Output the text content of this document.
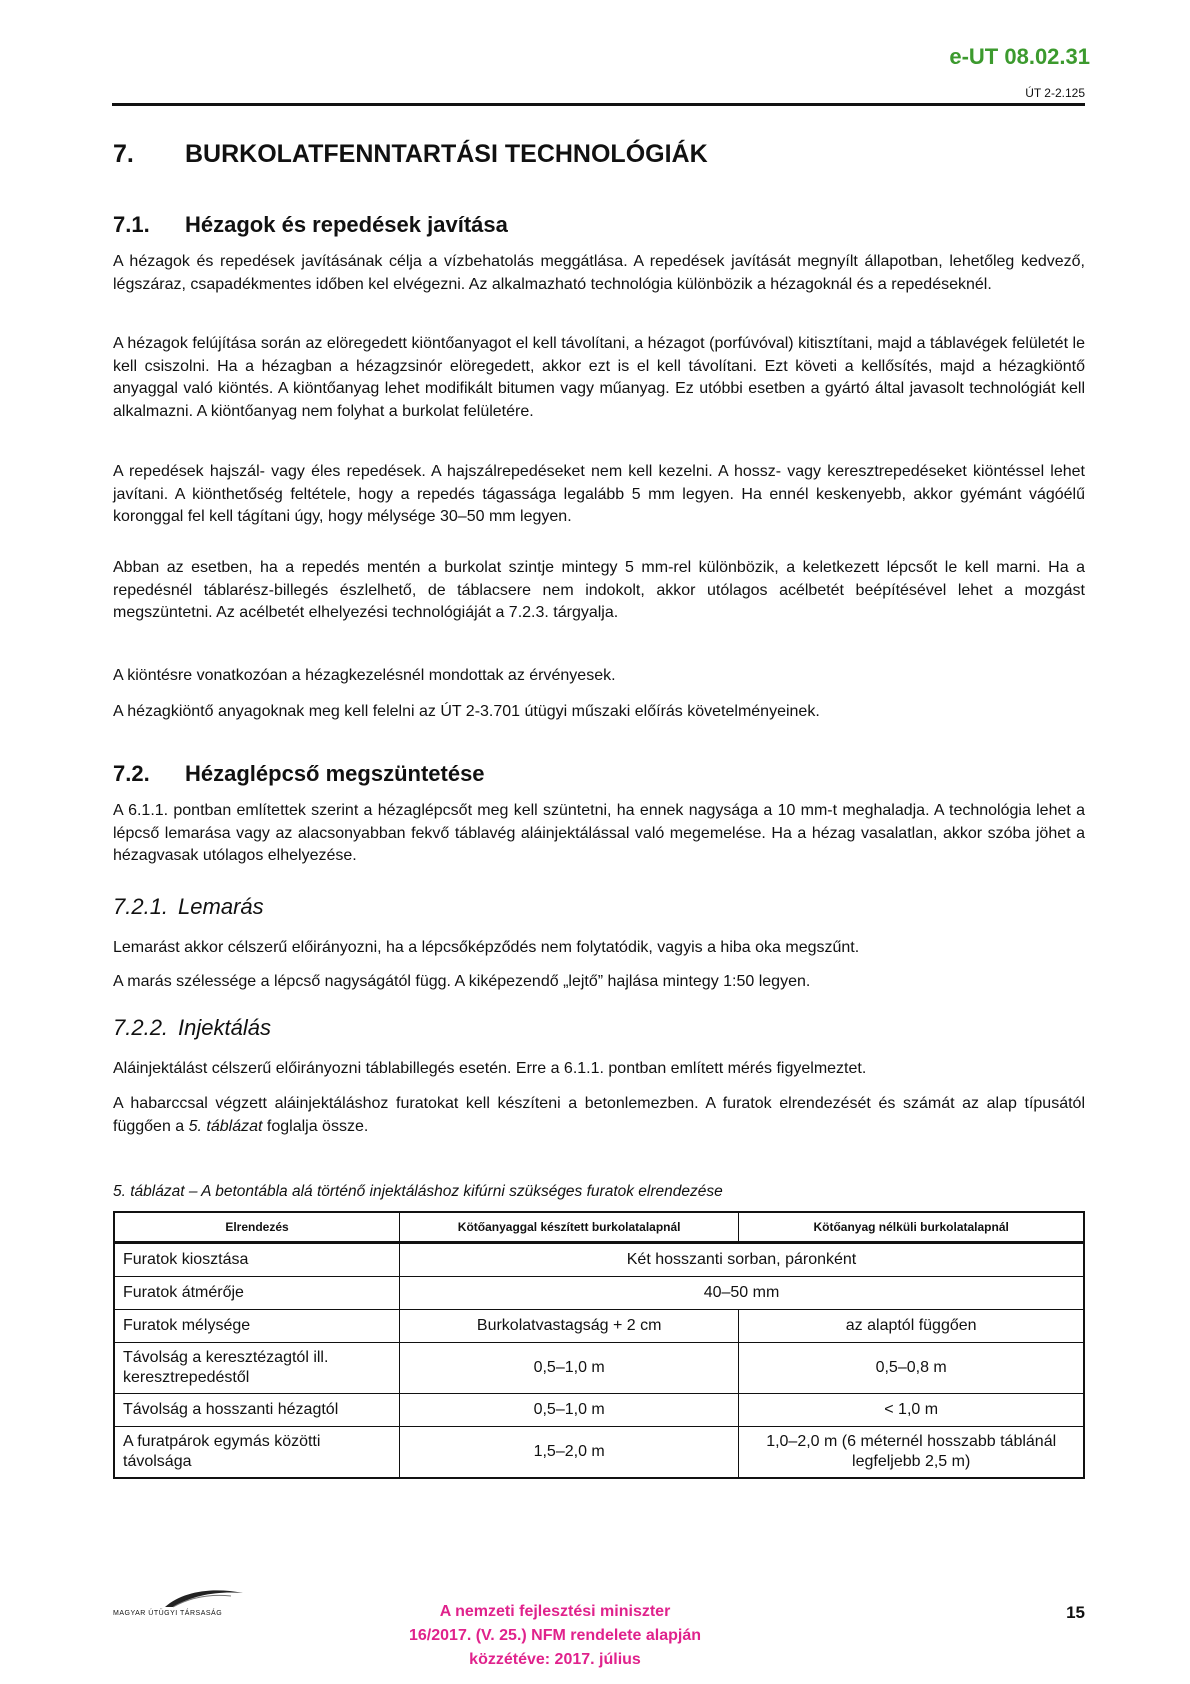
e-UT 08.02.31
ÚT 2-2.125
7. BURKOLATFENNTARTÁSI TECHNOLÓGIÁK
7.1. Hézagok és repedések javítása
A hézagok és repedések javításának célja a vízbehatolás meggátlása. A repedések javítását megnyílt állapotban, lehetőleg kedvező, légszáraz, csapadékmentes időben kel elvégezni. Az alkalmazható technológia különbözik a hézagoknál és a repedéseknél.
A hézagok felújítása során az elöregedett kiöntőanyagot el kell távolítani, a hézagot (porfúvóval) kitisztítani, majd a táblavégek felületét le kell csiszolni. Ha a hézagban a hézagzsinór elöregedett, akkor ezt is el kell távolítani. Ezt követi a kellősítés, majd a hézagkiöntő anyaggal való kiöntés. A kiöntőanyag lehet modifikált bitumen vagy műanyag. Ez utóbbi esetben a gyártó által javasolt technológiát kell alkalmazni. A kiöntőanyag nem folyhat a burkolat felületére.
A repedések hajszál- vagy éles repedések. A hajszálrepedéseket nem kell kezelni. A hossz- vagy keresztrepedéseket kiöntéssel lehet javítani. A kiönthetőség feltétele, hogy a repedés tágassága legalább 5 mm legyen. Ha ennél keskenyebb, akkor gyémánt vágóélű koronggal fel kell tágítani úgy, hogy mélysége 30–50 mm legyen.
Abban az esetben, ha a repedés mentén a burkolat szintje mintegy 5 mm-rel különbözik, a keletkezett lépcsőt le kell marni. Ha a repedésnél táblarész-billegés észlelhető, de táblacsere nem indokolt, akkor utólagos acélbetét beépítésével lehet a mozgást megszüntetni. Az acélbetét elhelyezési technológiáját a 7.2.3. tárgyalja.
A kiöntésre vonatkozóan a hézagkezelésnél mondottak az érvényesek.
A hézagkiöntő anyagoknak meg kell felelni az ÚT 2-3.701 útügyi műszaki előírás követelményeinek.
7.2. Hézaglépcső megszüntetése
A 6.1.1. pontban említettek szerint a hézaglépcsőt meg kell szüntetni, ha ennek nagysága a 10 mm-t meghaladja. A technológia lehet a lépcső lemarása vagy az alacsonyabban fekvő táblavég aláinjektálással való megemelése. Ha a hézag vasalatlan, akkor szóba jöhet a hézagvasak utólagos elhelyezése.
7.2.1. Lemarás
Lemarást akkor célszerű előirányozni, ha a lépcsőképződés nem folytatódik, vagyis a hiba oka megszűnt.
A marás szélessége a lépcső nagyságától függ. A kiképezendő „lejtő” hajlása mintegy 1:50 legyen.
7.2.2. Injektálás
Aláinjektálást célszerű előirányozni táblabillegés esetén. Erre a 6.1.1. pontban említett mérés figyelmeztet.
A habarccsal végzett aláinjektáláshoz furatokat kell készíteni a betonlemezben. A furatok elrendezését és számát az alap típusától függően a 5. táblázat foglalja össze.
5. táblázat – A betontábla alá történő injektáláshoz kifúrni szükséges furatok elrendezése
Elrendezés	Kötőanyaggal készített burkolatalapnál	Kötőanyag nélküli burkolatalapnál
Furatok kiosztása	Két hosszanti sorban, páronként	
Furatok átmérője	40–50 mm	
Furatok mélysége	Burkolatvastagság + 2 cm	az alaptól függően
Távolság a keresztézagtól ill. keresztrepedéstől	0,5–1,0 m	0,5–0,8 m
Távolság a hosszanti hézagtól	0,5–1,0 m	< 1,0 m
A furatpárok egymás közötti távolsága	1,5–2,0 m	1,0–2,0 m (6 méternél hosszabb táblánál legfeljebb 2,5 m)
MAGYAR ÚTÜGYI TÁRSASÁG	A nemzeti fejlesztési miniszter
16/2017. (V. 25.) NFM rendelete alapján
közzétéve: 2017. július
15
